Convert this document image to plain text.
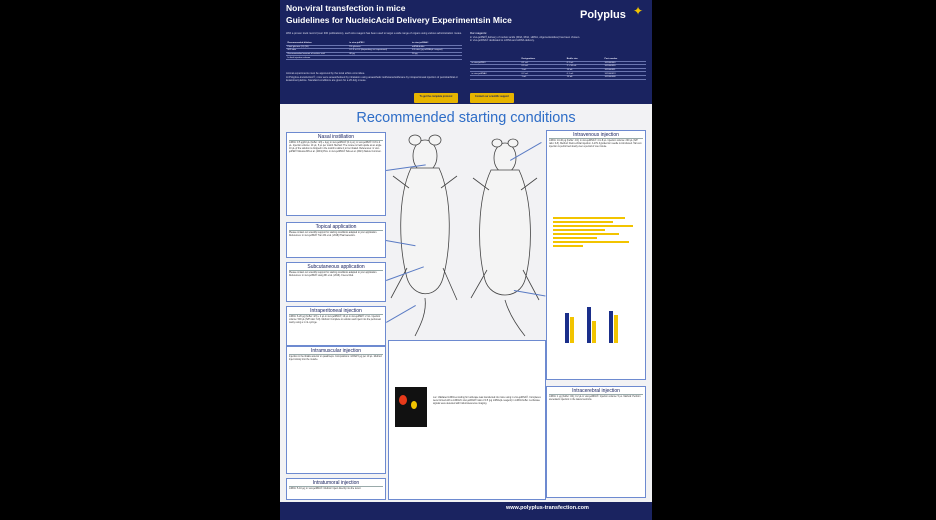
Non-viral transfection in mice
Guidelines for NucleicAcid Delivery Experimentsin Mice	Polyplus ✦
With a proven track record (over 300 publications), each size reagent has been used to target a wide range of organs using various administration routes.
Recommended dilution	in vivo-jetPEI®	in vivo-jetRNA®
Final glucose (%) (W)	5% glucose	mRNA buffer
N/P ratio	0.1:3 or 0.4 (depending on experiment)	0.5 ratio (μg mRNA:μL reagent)
Recommended amount of nucleic acid	40 μg	10 μg
In final injection volume		
Animal experiments must be approved by the local ethics committee.
At Polyplus-transfection®, mice were anaesthetised by inhalation using anaesthetic isoflurane/isoflurane by intraperitoneal injection of pentobarbital or ketamine/xylazine. Standard conditions are given for a 20-22g mouse.
Our reagents:
in vivo-jetPEI® delivery of nucleic acids (DNA, RNA, siRNA, oligonucleotides) has been chosen.
in vivo-jetRNA® dedicated to mRNA and siRNA delivery.
	Designations	Bottle size	Part number
in vivo-jetPEI®	0.1 mL	0.1 mL	101000040
	0.5 mL	2 × 50 mL	101000030
	1 mL	10 mL	101000031
in vivo-jetRNA®	0.2 mL	0.1 mL	101000013
	1 mL	10 mL	101000008
To get the complete protocol	Contact our scientific support
Recommended starting conditions
Nasal instillation
mRNA: 0.5 μg/10 μL (buffer: 4/4) + 2μg; in vivo-jetRNA® (0.1 μL); in vivo-jetPEI®: 0.8 to 2 μL. Injection volume: 10 μL; 5 μL per nostril. Method: The mouse is held upside at an angle. 10 μL of the solution is dropped in the nostril to allow it to be inhaled. References: in vivo-jetPEI® Moussa MN et al. (2019) Plos. in vivo-jetRNA® Sola et al. (2021) Nature Commun.
Topical application
Please contact our scientific support for starting conditions adapted to your application. References: in vivo-jetPEI® Tran JM et al. (2018) Pharmaceutics.
Subcutaneous application
Please contact our scientific support for starting conditions adapted to your application. References: in vivo-jetPEI® Liang RF et al. (2016) J Gene Med.
Intraperitoneal injection
mRNA: 6-20 μg (buffer: 4/4) + 4 μL in vivo-jetRNA®; 10 μL in vivo-jetPEI®: 2 mL. Injection volume: 500 μL (N/P ratio: 6-8). Method: Complete to solution and inject into the peritoneal cavity using a 1 mL syringe.
Intramuscular injection
Injection in the tibialis anterior or quadriceps. Compositions: mRNA 5 μg per 10 μL. Method: Inject slowly into the muscle.
Intratumoral injection
mRNA: 5-10 μg; in vivo-jetRNA®. Method: Inject directly into the tumor.
Luc: Validated mRNA encoding for luciferase was transfected into mice using in vivo-jetRNA®. Complexes were formed with a mRNA/in vivo-jetRNA® ratio of 0.5 (μg mRNA/μL reagent) in mRNA buffer. Luciferase signals were detected with bioluminescence imaging.
Intravenous injection
mRNA: 10-40 μg (buffer: 4/4); in vivo-jetRNA®: 4 to 8 μL. Injection volume: 200 μL (N/P ratio: 6-8). Method: Retro-orbital injection. A 27G hypodermic needle is introduced. Tail vein injection is performed slowly over a period of one minute.
Intracerebral injection
mRNA: 1 μg (buffer: 4/4); 0.2 μL in vivo-jetRNA®. Injection volume: 5 μL. Method: Perform stereotaxic injection in the lateral ventricle.
www.polyplus-transfection.com
